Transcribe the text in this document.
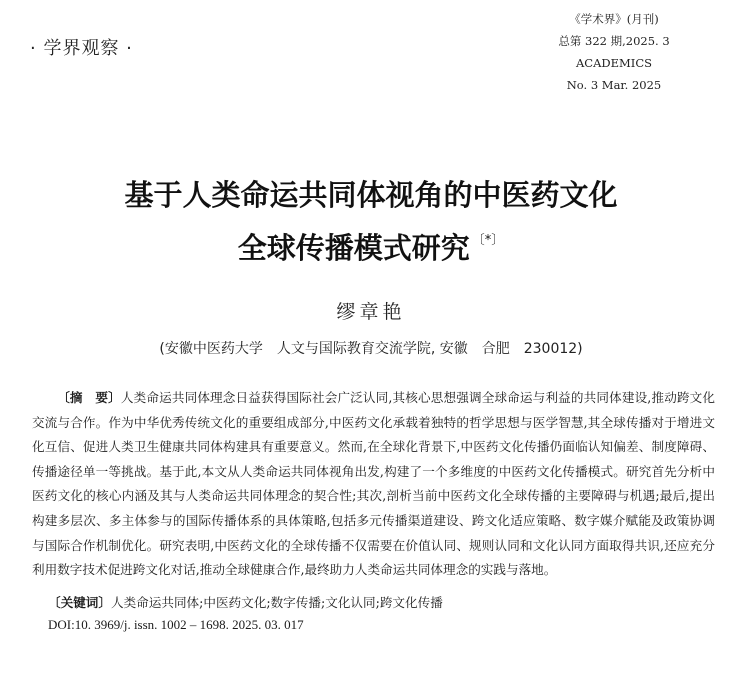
· 学界观察 ·
《学术界》(月刊)
总第 322 期,2025. 3
ACADEMICS
No. 3 Mar. 2025
基于人类命运共同体视角的中医药文化
全球传播模式研究 〔*〕
缪章艳
(安徽中医药大学　人文与国际教育交流学院, 安徽　合肥　230012)
〔摘　要〕人类命运共同体理念日益获得国际社会广泛认同,其核心思想强调全球命运与利益的共同体建设,推动跨文化交流与合作。作为中华优秀传统文化的重要组成部分,中医药文化承载着独特的哲学思想与医学智慧,其全球传播对于增进文化互信、促进人类卫生健康共同体构建具有重要意义。然而,在全球化背景下,中医药文化传播仍面临认知偏差、制度障碍、传播途径单一等挑战。基于此,本文从人类命运共同体视角出发,构建了一个多维度的中医药文化传播模式。研究首先分析中医药文化的核心内涵及其与人类命运共同体理念的契合性;其次,剖析当前中医药文化全球传播的主要障碍与机遇;最后,提出构建多层次、多主体参与的国际传播体系的具体策略,包括多元传播渠道建设、跨文化适应策略、数字媒介赋能及政策协调与国际合作机制优化。研究表明,中医药文化的全球传播不仅需要在价值认同、规则认同和文化认同方面取得共识,还应充分利用数字技术促进跨文化对话,推动全球健康合作,最终助力人类命运共同体理念的实践与落地。
〔关键词〕人类命运共同体;中医药文化;数字传播;文化认同;跨文化传播
DOI:10. 3969/j. issn. 1002 – 1698. 2025. 03. 017
